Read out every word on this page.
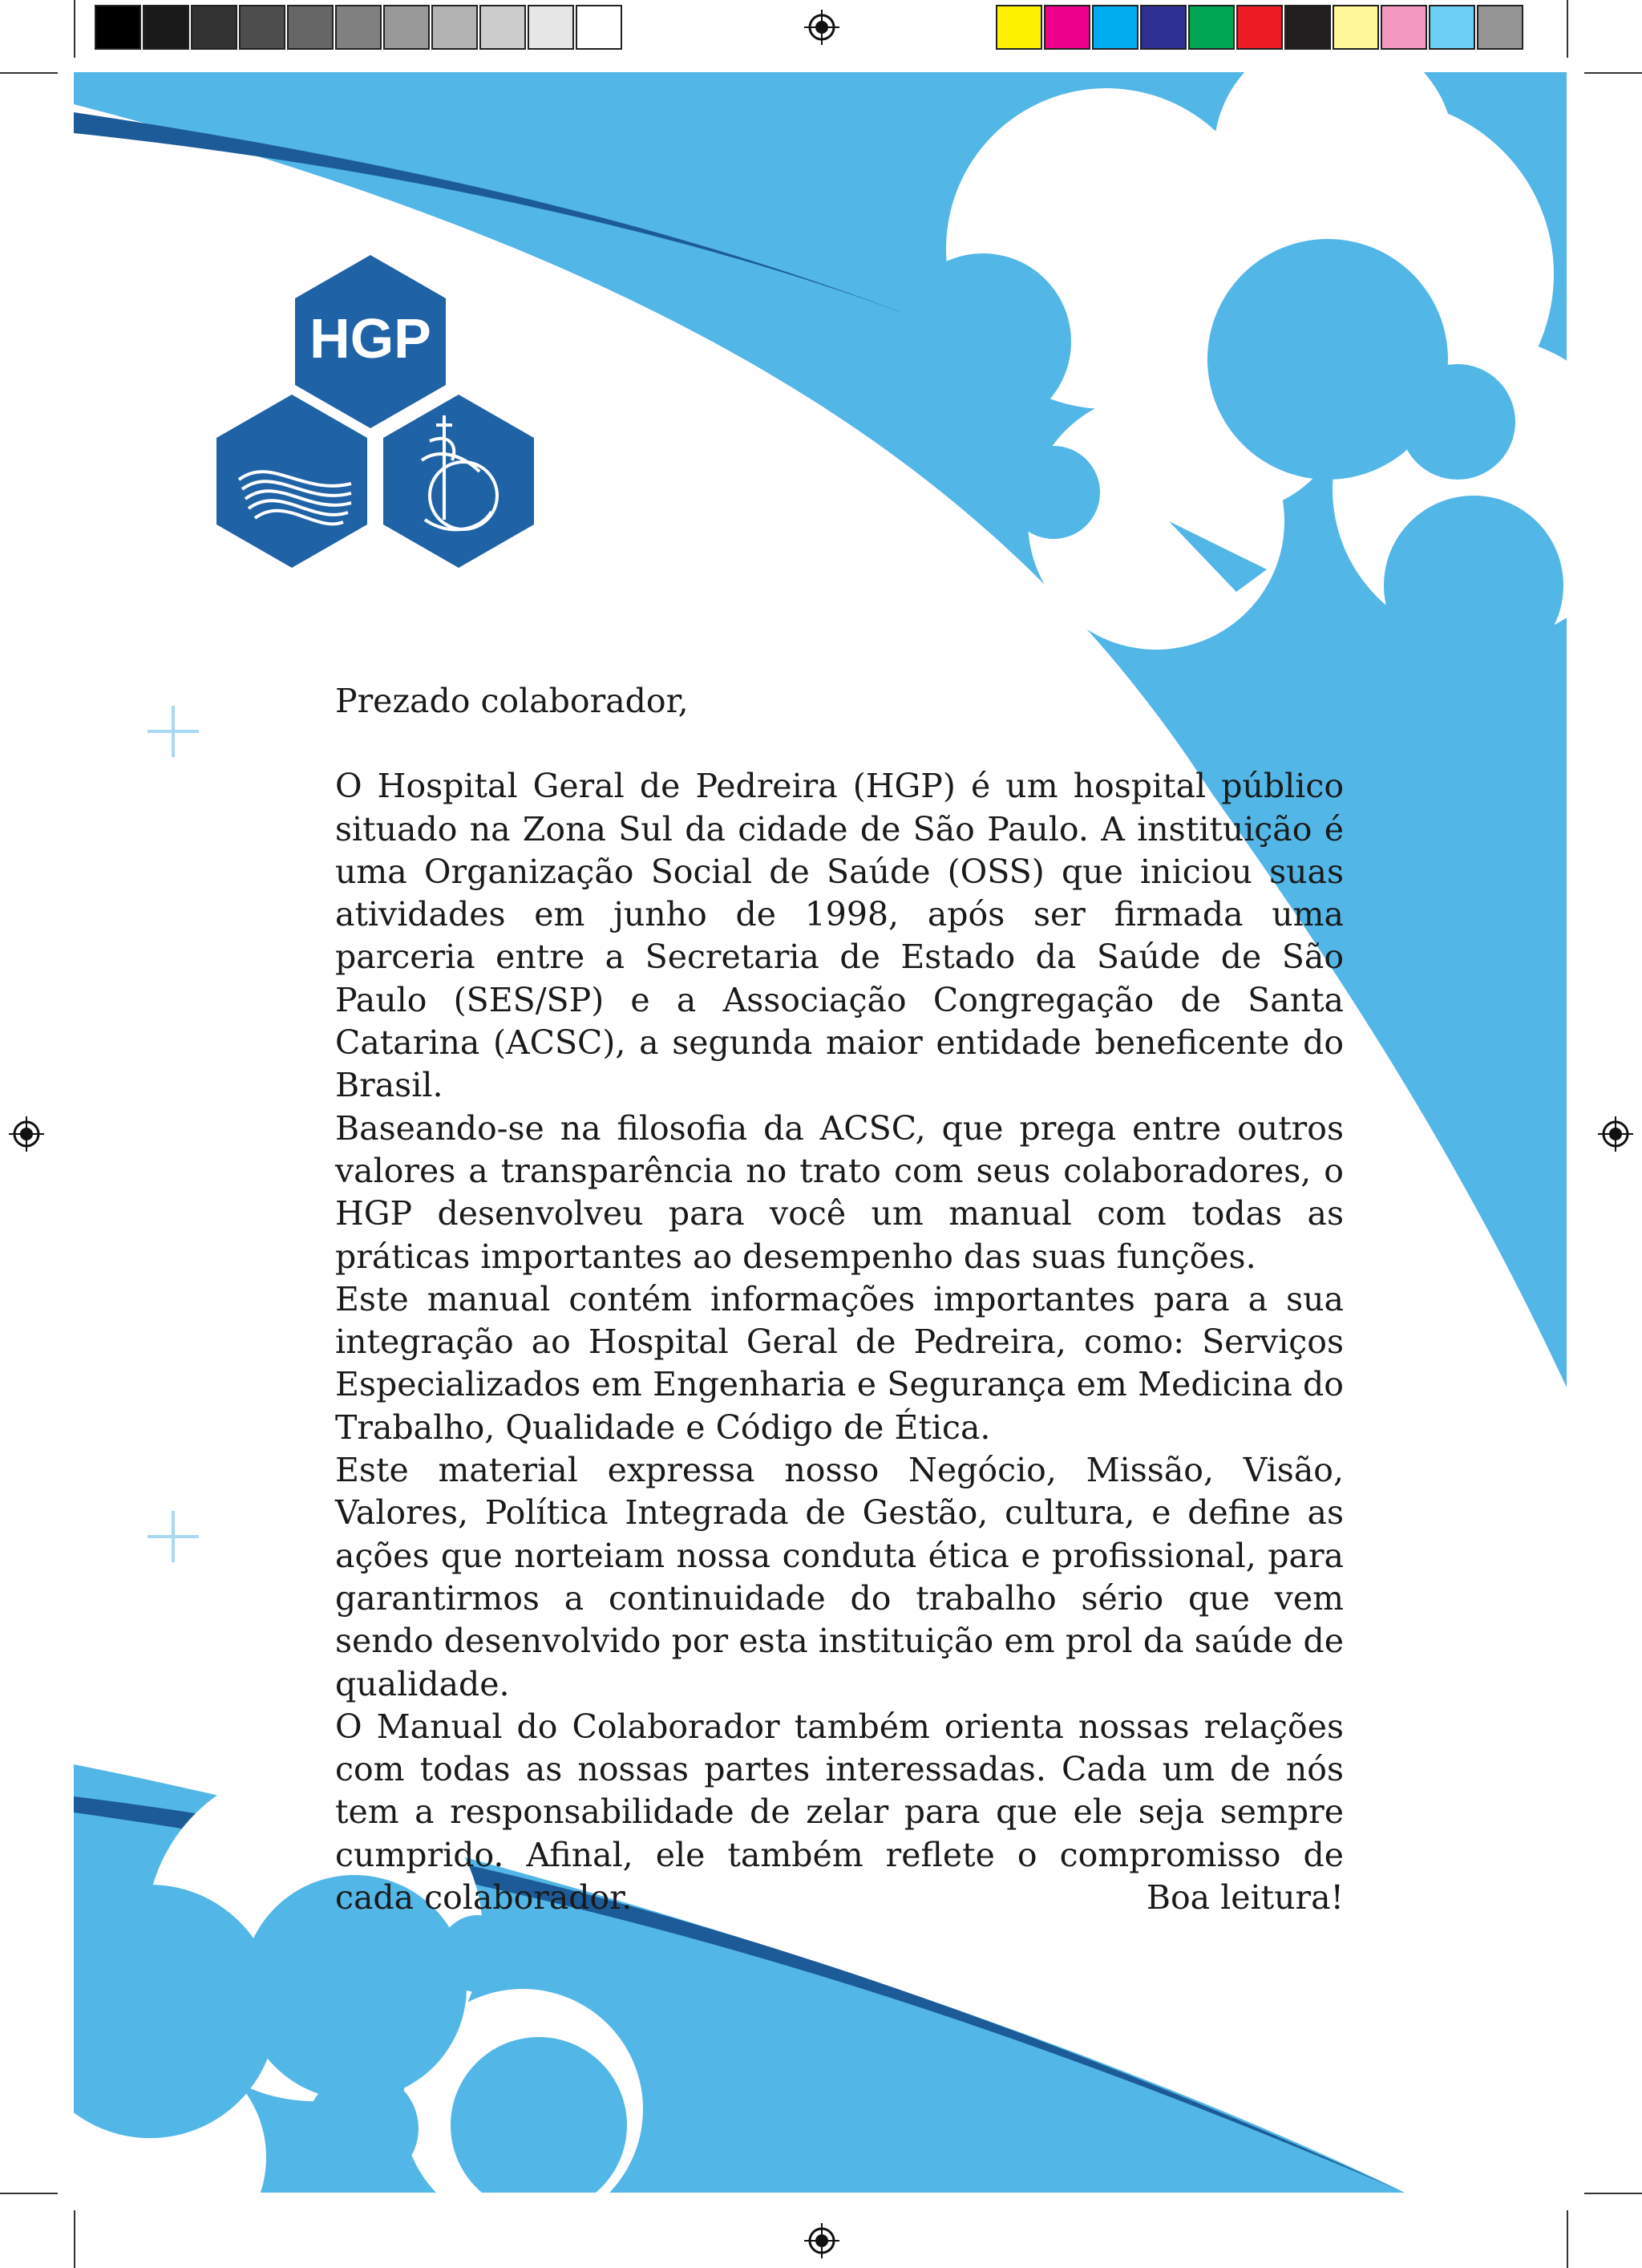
HGP

Prezado colaborador,

O Hospital Geral de Pedreira (HGP) é um hospital público situado na Zona Sul da cidade de São Paulo. A instituição é uma Organização Social de Saúde (OSS) que iniciou suas atividades em junho de 1998, após ser firmada uma parceria entre a Secretaria de Estado da Saúde de São Paulo (SES/SP) e a Associação Congregação de Santa Catarina (ACSC), a segunda maior entidade beneficente do Brasil.

Baseando-se na filosofia da ACSC, que prega entre outros valores a transparência no trato com seus colaboradores, o HGP desenvolveu para você um manual com todas as práticas importantes ao desempenho das suas funções.

Este manual contém informações importantes para a sua integração ao Hospital Geral de Pedreira, como: Serviços Especializados em Engenharia e Segurança em Medicina do Trabalho, Qualidade e Código de Ética.

Este material expressa nosso Negócio, Missão, Visão, Valores, Política Integrada de Gestão, cultura, e define as ações que norteiam nossa conduta ética e profissional, para garantirmos a continuidade do trabalho sério que vem sendo desenvolvido por esta instituição em prol da saúde de qualidade.

O Manual do Colaborador também orienta nossas relações com todas as nossas partes interessadas. Cada um de nós tem a responsabilidade de zelar para que ele seja sempre cumprido. Afinal, ele também reflete o compromisso de cada colaborador.	Boa leitura!
